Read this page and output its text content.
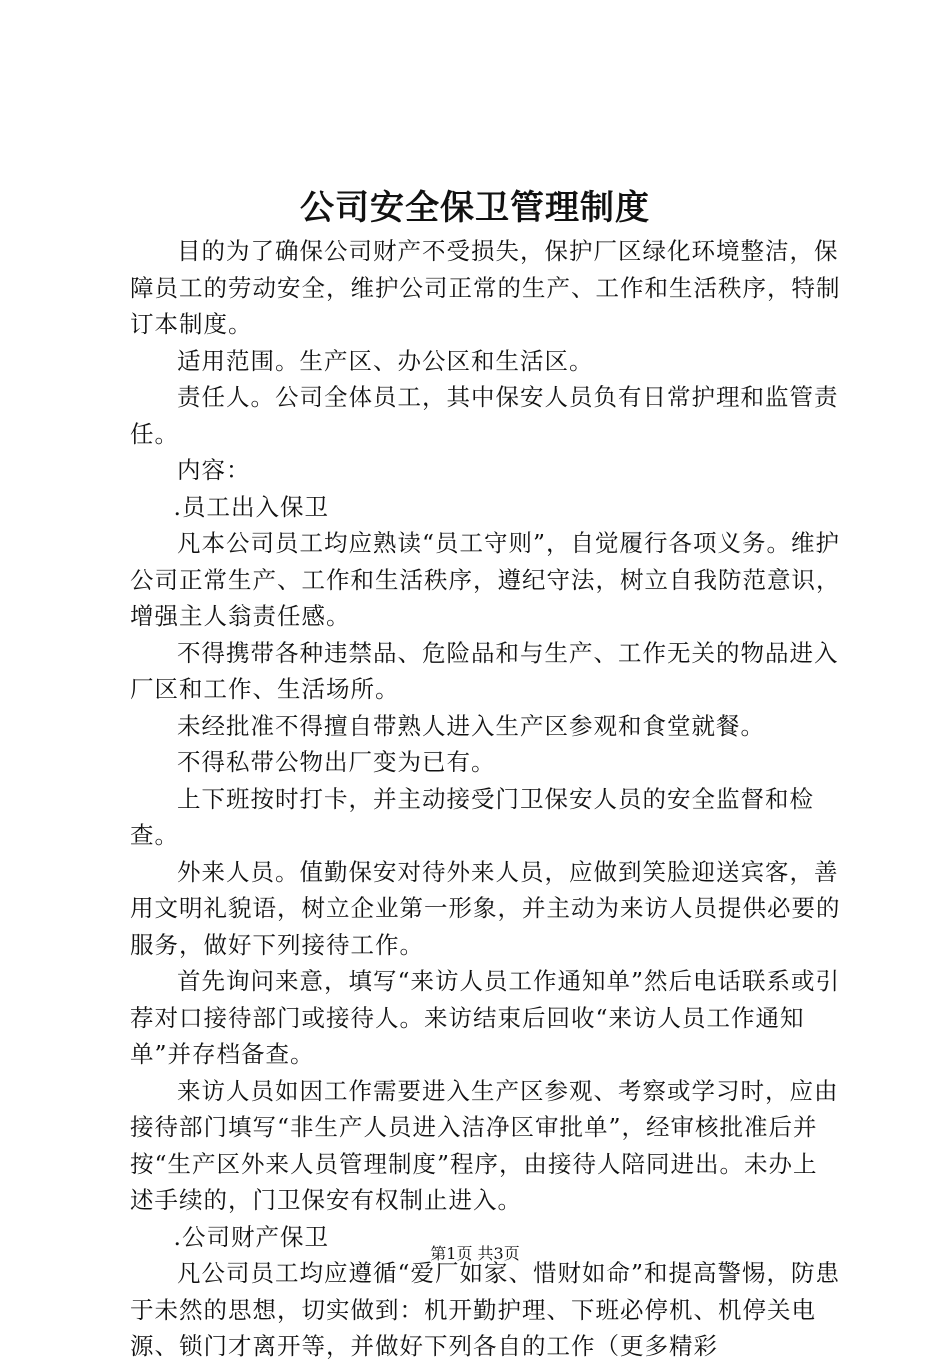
公司安全保卫管理制度

目的为了确保公司财产不受损失，保护厂区绿化环境整洁，保障员工的劳动安全，维护公司正常的生产、工作和生活秩序，特制订本制度。

适用范围。生产区、办公区和生活区。

责任人。公司全体员工，其中保安人员负有日常护理和监管责任。

内容：

.员工出入保卫

凡本公司员工均应熟读“员工守则”，自觉履行各项义务。维护公司正常生产、工作和生活秩序，遵纪守法，树立自我防范意识，增强主人翁责任感。

不得携带各种违禁品、危险品和与生产、工作无关的物品进入厂区和工作、生活场所。

未经批准不得擅自带熟人进入生产区参观和食堂就餐。

不得私带公物出厂变为已有。

上下班按时打卡，并主动接受门卫保安人员的安全监督和检查。

外来人员。值勤保安对待外来人员，应做到笑脸迎送宾客，善用文明礼貌语，树立企业第一形象，并主动为来访人员提供必要的服务，做好下列接待工作。

首先询问来意，填写“来访人员工作通知单”然后电话联系或引荐对口接待部门或接待人。来访结束后回收“来访人员工作通知单”并存档备查。

来访人员如因工作需要进入生产区参观、考察或学习时，应由接待部门填写“非生产人员进入洁净区审批单”，经审核批准后并按“生产区外来人员管理制度”程序，由接待人陪同进出。未办上述手续的，门卫保安有权制止进入。

.公司财产保卫

凡公司员工均应遵循“爱厂如家、惜财如命”和提高警惕，防患于未然的思想，切实做到：机开勤护理、下班必停机、机停关电源、锁门才离开等，并做好下列各自的工作（更多精彩

第1页 共3页
